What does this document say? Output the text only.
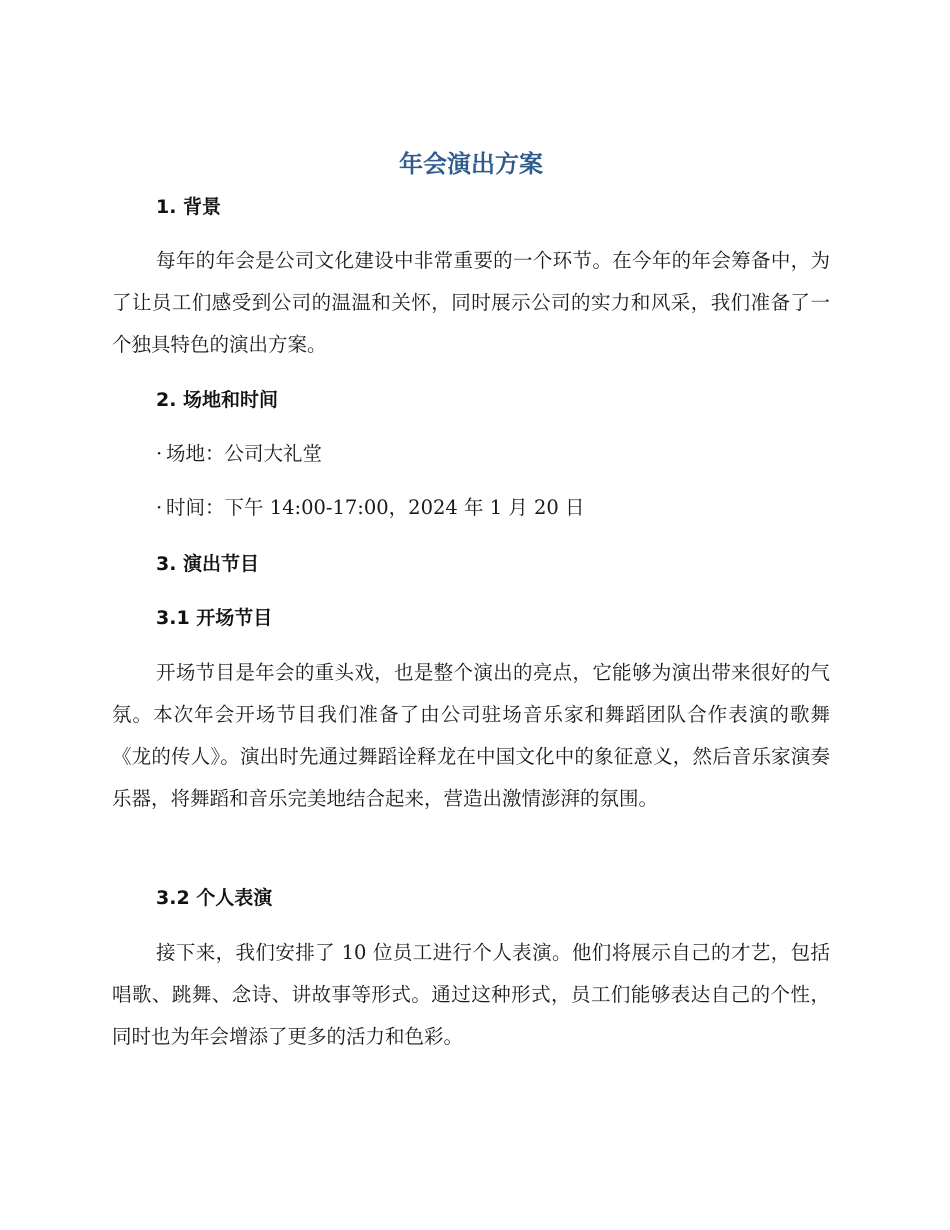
年会演出方案
1. 背景

每年的年会是公司文化建设中非常重要的一个环节。在今年的年会筹备中，为了让员工们感受到公司的温温和关怀，同时展示公司的实力和风采，我们准备了一个独具特色的演出方案。

2. 场地和时间

· 场地：公司大礼堂

· 时间：下午 14:00-17:00，2024 年 1 月 20 日

3. 演出节目
3.1 开场节目

开场节目是年会的重头戏，也是整个演出的亮点，它能够为演出带来很好的气氛。本次年会开场节目我们准备了由公司驻场音乐家和舞蹈团队合作表演的歌舞《龙的传人》。演出时先通过舞蹈诠释龙在中国文化中的象征意义，然后音乐家演奏乐器，将舞蹈和音乐完美地结合起来，营造出激情澎湃的氛围。

3.2 个人表演

接下来，我们安排了 10 位员工进行个人表演。他们将展示自己的才艺，包括唱歌、跳舞、念诗、讲故事等形式。通过这种形式，员工们能够表达自己的个性，同时也为年会增添了更多的活力和色彩。
